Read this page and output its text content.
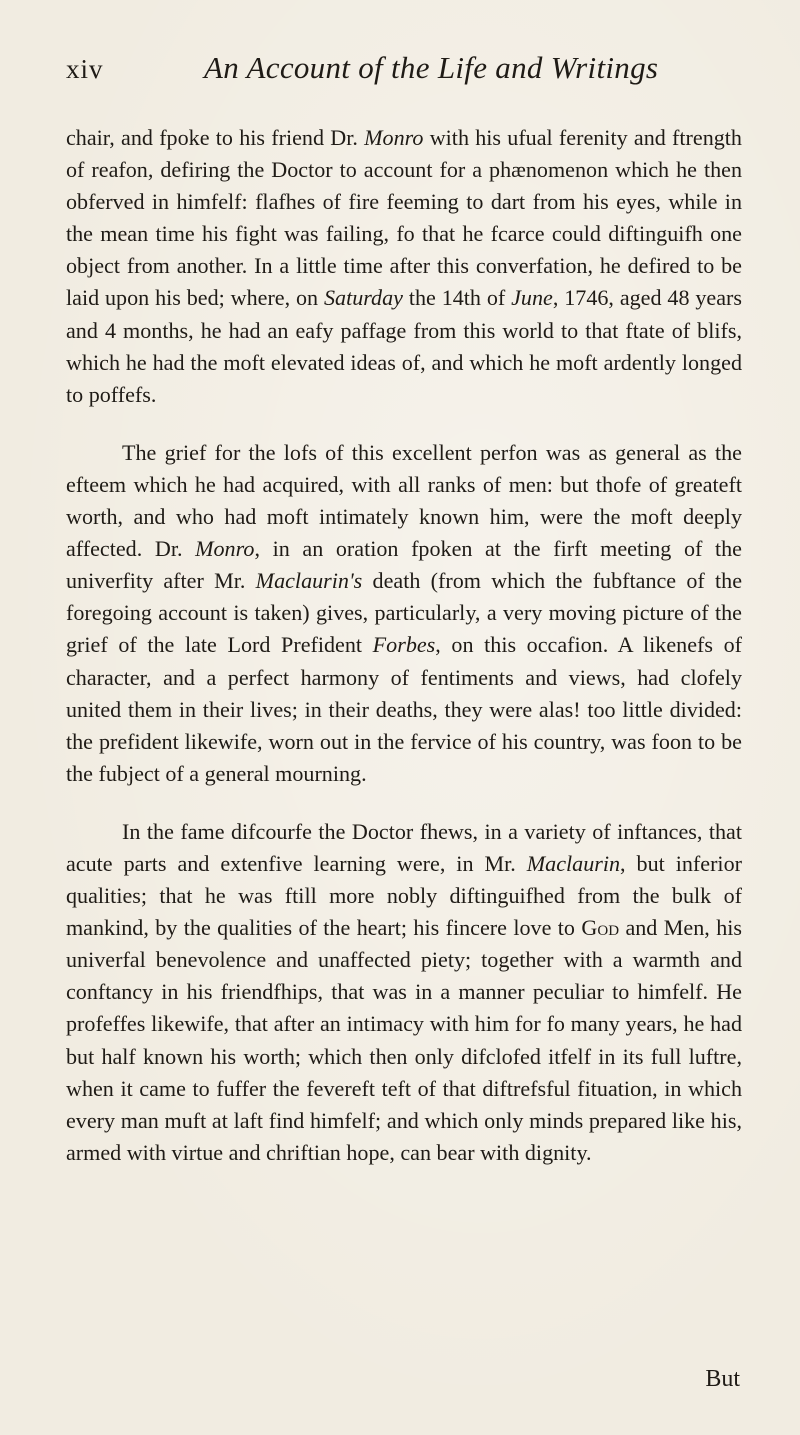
xiv	An Account of the Life and Writings

chair, and fpoke to his friend Dr. Monro with his ufual ferenity and ftrength of reafon, defiring the Doctor to account for a phænomenon which he then obferved in himfelf: flafhes of fire feeming to dart from his eyes, while in the mean time his fight was failing, fo that he fcarce could diftinguifh one object from another. In a little time after this converfation, he defired to be laid upon his bed; where, on Saturday the 14th of June, 1746, aged 48 years and 4 months, he had an eafy paffage from this world to that ftate of blifs, which he had the moft elevated ideas of, and which he moft ardently longed to poffefs.

The grief for the lofs of this excellent perfon was as general as the efteem which he had acquired, with all ranks of men: but thofe of greateft worth, and who had moft intimately known him, were the moft deeply affected. Dr. Monro, in an oration fpoken at the firft meeting of the univerfity after Mr. Maclaurin's death (from which the fubftance of the foregoing account is taken) gives, particularly, a very moving picture of the grief of the late Lord Prefident Forbes, on this occafion. A likenefs of character, and a perfect harmony of fentiments and views, had clofely united them in their lives; in their deaths, they were alas! too little divided: the prefident likewife, worn out in the fervice of his country, was foon to be the fubject of a general mourning.

In the fame difcourfe the Doctor fhews, in a variety of inftances, that acute parts and extenfive learning were, in Mr. Maclaurin, but inferior qualities; that he was ftill more nobly diftinguifhed from the bulk of mankind, by the qualities of the heart; his fincere love to God and Men, his univerfal benevolence and unaffected piety; together with a warmth and conftancy in his friendfhips, that was in a manner peculiar to himfelf. He profeffes likewife, that after an intimacy with him for fo many years, he had but half known his worth; which then only difclofed itfelf in its full luftre, when it came to fuffer the fevereft teft of that diftrefsful fituation, in which every man muft at laft find himfelf; and which only minds prepared like his, armed with virtue and chriftian hope, can bear with dignity.

But
